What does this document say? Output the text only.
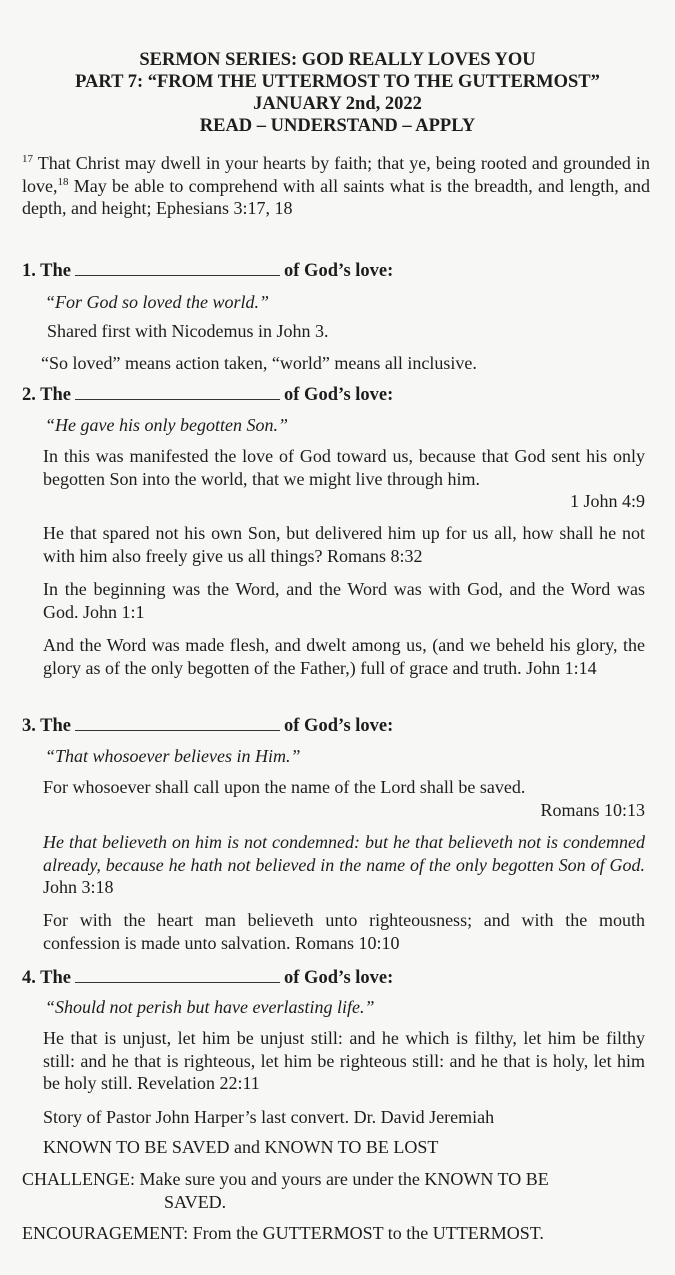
SERMON SERIES: GOD REALLY LOVES YOU
PART 7: “FROM THE UTTERMOST TO THE GUTTERMOST”
JANUARY 2nd, 2022
READ – UNDERSTAND – APPLY

$^{17}$ That Christ may dwell in your hearts by faith; that ye, being rooted and grounded in love,$^{18}$ May be able to comprehend with all saints what is the breadth, and length, and depth, and height; Ephesians 3:17, 18

1. The	of God’s love:
“For God so loved the world.”
Shared first with Nicodemus in John 3.
“So loved” means action taken, “world” means all inclusive.
2. The	of God’s love:
“He gave his only begotten Son.”
In this was manifested the love of God toward us, because that God sent his only begotten Son into the world, that we might live through him.
1 John 4:9
He that spared not his own Son, but delivered him up for us all, how shall he not with him also freely give us all things? Romans 8:32
In the beginning was the Word, and the Word was with God, and the Word was God. John 1:1
And the Word was made flesh, and dwelt among us, (and we beheld his glory, the glory as of the only begotten of the Father,) full of grace and truth. John 1:14
3. The	of God’s love:
“That whosoever believes in Him.”
For whosoever shall call upon the name of the Lord shall be saved.
Romans 10:13
He that believeth on him is not condemned: but he that believeth not is condemned already, because he hath not believed in the name of the only begotten Son of God. John 3:18
For with the heart man believeth unto righteousness; and with the mouth confession is made unto salvation. Romans 10:10
4. The	of God’s love:
“Should not perish but have everlasting life.”
He that is unjust, let him be unjust still: and he which is filthy, let him be filthy still: and he that is righteous, let him be righteous still: and he that is holy, let him be holy still. Revelation 22:11
Story of Pastor John Harper’s last convert. Dr. David Jeremiah
KNOWN TO BE SAVED and KNOWN TO BE LOST
CHALLENGE: Make sure you and yours are under the KNOWN TO BE
SAVED.
ENCOURAGEMENT: From the GUTTERMOST to the UTTERMOST.
